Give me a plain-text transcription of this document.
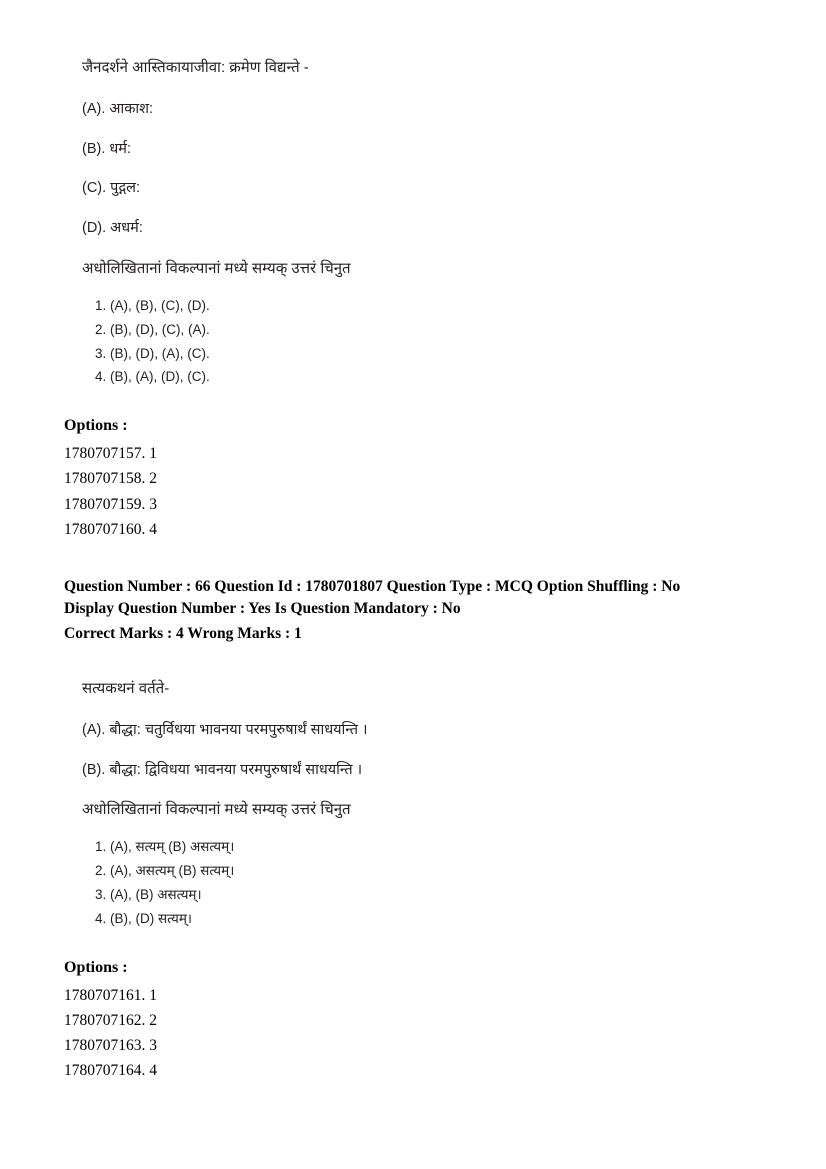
जैनदर्शने आस्तिकायाजीवा: क्रमेण विद्यन्ते -
(A). आकाश:
(B). धर्म:
(C). पुद्गल:
(D). अधर्म:
अधोलिखितानां विकल्पानां मध्ये सम्यक् उत्तरं चिनुत
1. (A), (B), (C), (D).
2. (B), (D), (C), (A).
3. (B), (D), (A), (C).
4. (B), (A), (D), (C).
Options :
1780707157. 1
1780707158. 2
1780707159. 3
1780707160. 4
Question Number : 66 Question Id : 1780701807 Question Type : MCQ Option Shuffling : No
Display Question Number : Yes Is Question Mandatory : No
Correct Marks : 4 Wrong Marks : 1
सत्यकथनं वर्तते-
(A). बौद्धा: चतुर्विधया भावनया परमपुरुषार्थं साधयन्ति ।
(B). बौद्धा: द्विविधया भावनया परमपुरुषार्थं साधयन्ति ।
अधोलिखितानां विकल्पानां मध्ये सम्यक् उत्तरं चिनुत
1. (A), सत्यम् (B) असत्यम्।
2. (A), असत्यम् (B) सत्यम्।
3. (A), (B) असत्यम्।
4. (B), (D) सत्यम्।
Options :
1780707161. 1
1780707162. 2
1780707163. 3
1780707164. 4
